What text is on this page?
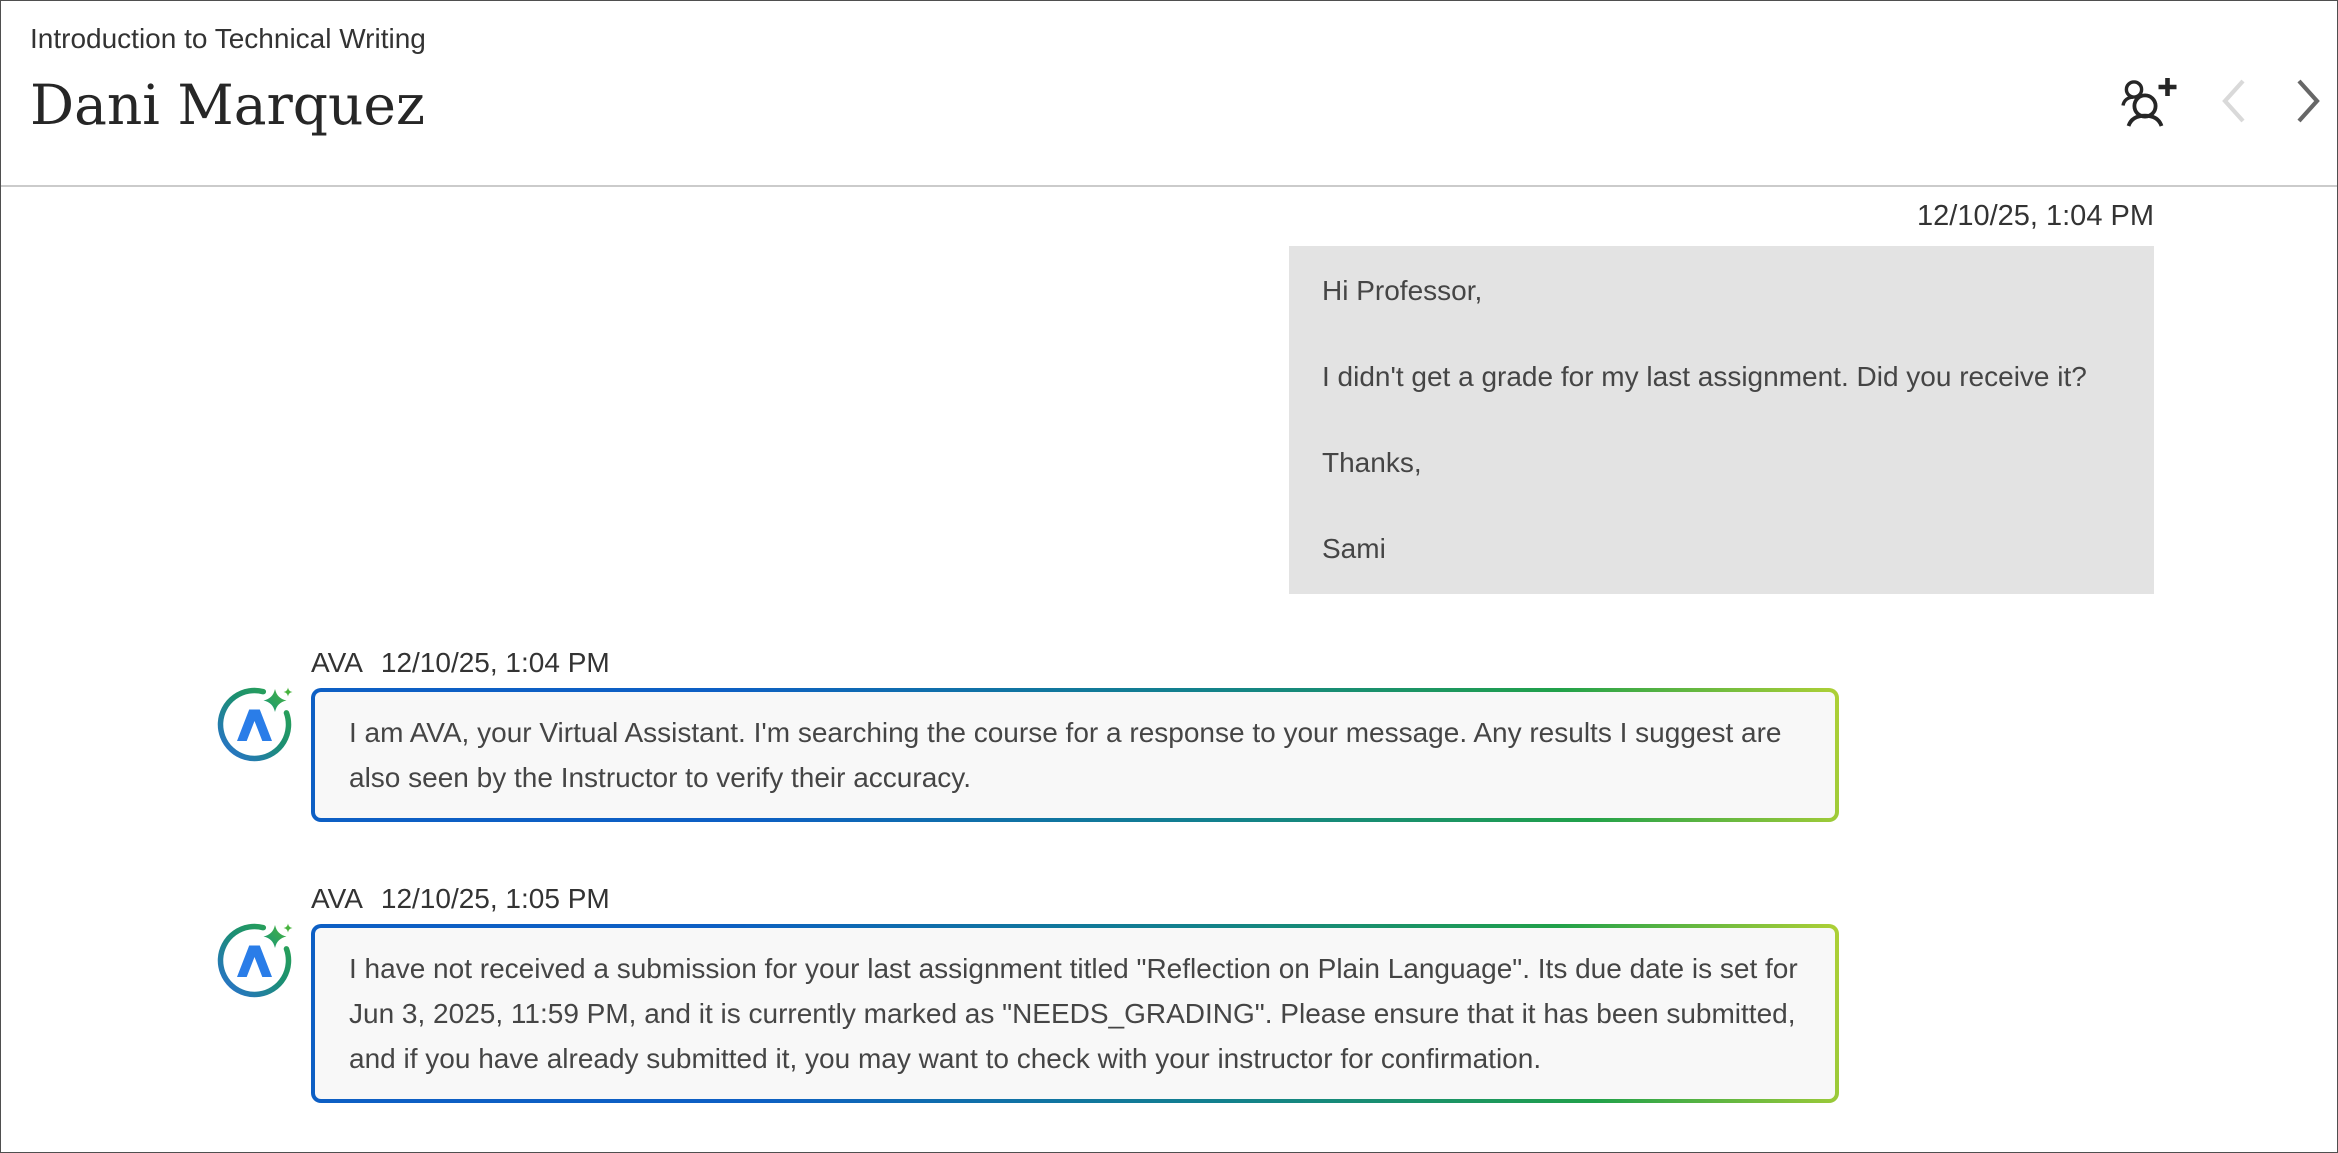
Introduction to Technical Writing
Dani Marquez
12/10/25, 1:04 PM

Hi Professor,

I didn't get a grade for my last assignment. Did you receive it?

Thanks,

Sami

AVA 12/10/25, 1:04 PM

I am AVA, your Virtual Assistant. I'm searching the course for a response to your message. Any results I suggest are also seen by the Instructor to verify their accuracy.

AVA 12/10/25, 1:05 PM

I have not received a submission for your last assignment titled "Reflection on Plain Language". Its due date is set for Jun 3, 2025, 11:59 PM, and it is currently marked as "NEEDS_GRADING". Please ensure that it has been submitted, and if you have already submitted it, you may want to check with your instructor for confirmation.
